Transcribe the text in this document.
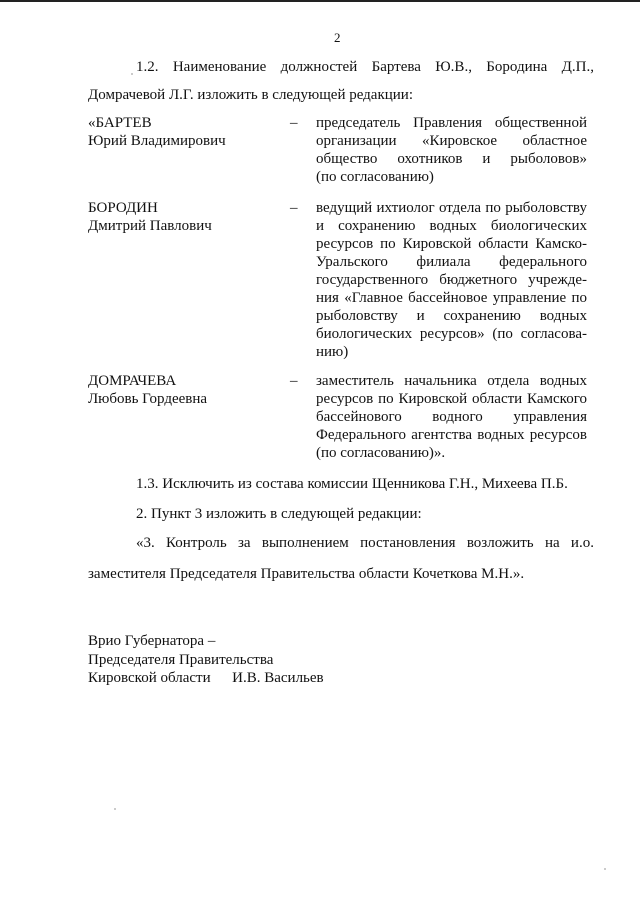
2
1.2. Наименование должностей Бартева Ю.В., Бородина Д.П.,
Домрачевой Л.Г. изложить в следующей редакции:
«БАРТЕВ
Юрий Владимирович
– председатель Правления общественной
организации «Кировское областное
общество охотников и рыболовов»
(по согласованию)
БОРОДИН
Дмитрий Павлович
– ведущий ихтиолог отдела по рыболовству
и сохранению водных биологических
ресурсов по Кировской области Камско-
Уральского филиала федерального
государственного бюджетного учрежде-
ния «Главное бассейновое управление по
рыболовству и сохранению водных
биологических ресурсов» (по согласова-
нию)
ДОМРАЧЕВА
Любовь Гордеевна
– заместитель начальника отдела водных
ресурсов по Кировской области Камского
бассейнового водного управления
Федерального агентства водных ресурсов
(по согласованию)».
1.3. Исключить из состава комиссии Щенникова Г.Н., Михеева П.Б.
2. Пункт 3 изложить в следующей редакции:
«3. Контроль за выполнением постановления возложить на и.о.
заместителя Председателя Правительства области Кочеткова М.Н.».
Врио Губернатора –
Председателя Правительства
Кировской области И.В. Васильев
